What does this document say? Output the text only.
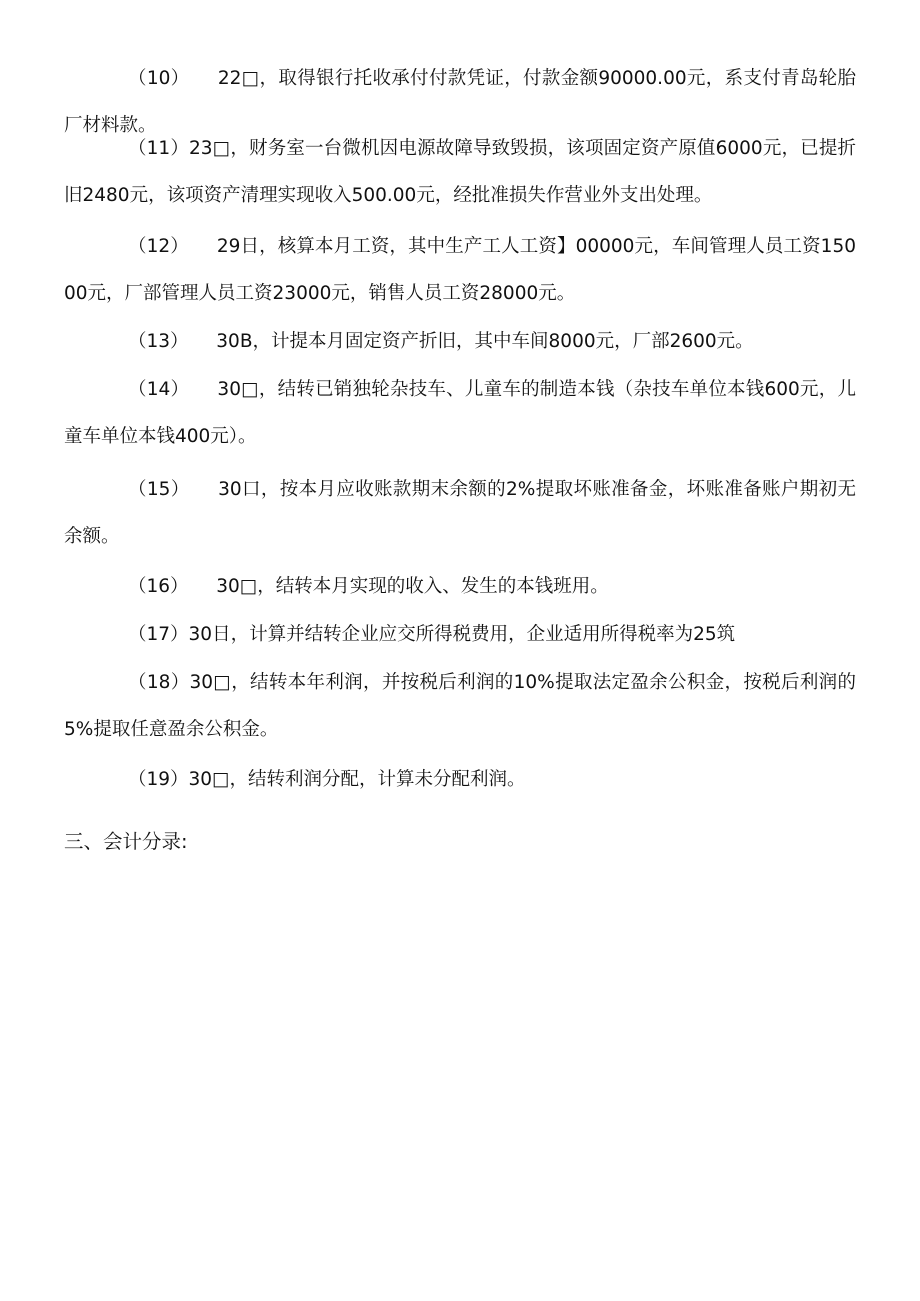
（10）　　22□，取得银行托收承付付款凭证，付款金额90000.00元，系支付青岛轮胎厂材料款。

（11）23□，财务室一台微机因电源故障导致毁损，该项固定资产原值6000元，已提折旧2480元，该项资产清理实现收入500.00元，经批准损失作营业外支出处理。

（12）　　29日，核算本月工资，其中生产工人工资】00000元，车间管理人员工资15000元，厂部管理人员工资23000元，销售人员工资28000元。

（13）　　30B，计提本月固定资产折旧，其中车间8000元，厂部2600元。

（14）　　30□，结转已销独轮杂技车、儿童车的制造本钱（杂技车单位本钱600元，儿童车单位本钱400元）。

（15）　　30口，按本月应收账款期末余额的2%提取坏账准备金，坏账准备账户期初无余额。

（16）　　30□，结转本月实现的收入、发生的本钱班用。

（17）30日，计算并结转企业应交所得税费用，企业适用所得税率为25筑

（18）30□，结转本年利润，并按税后利润的10%提取法定盈余公积金，按税后利润的5%提取任意盈余公积金。

（19）30□，结转利润分配，计算未分配利润。

三、会计分录:
